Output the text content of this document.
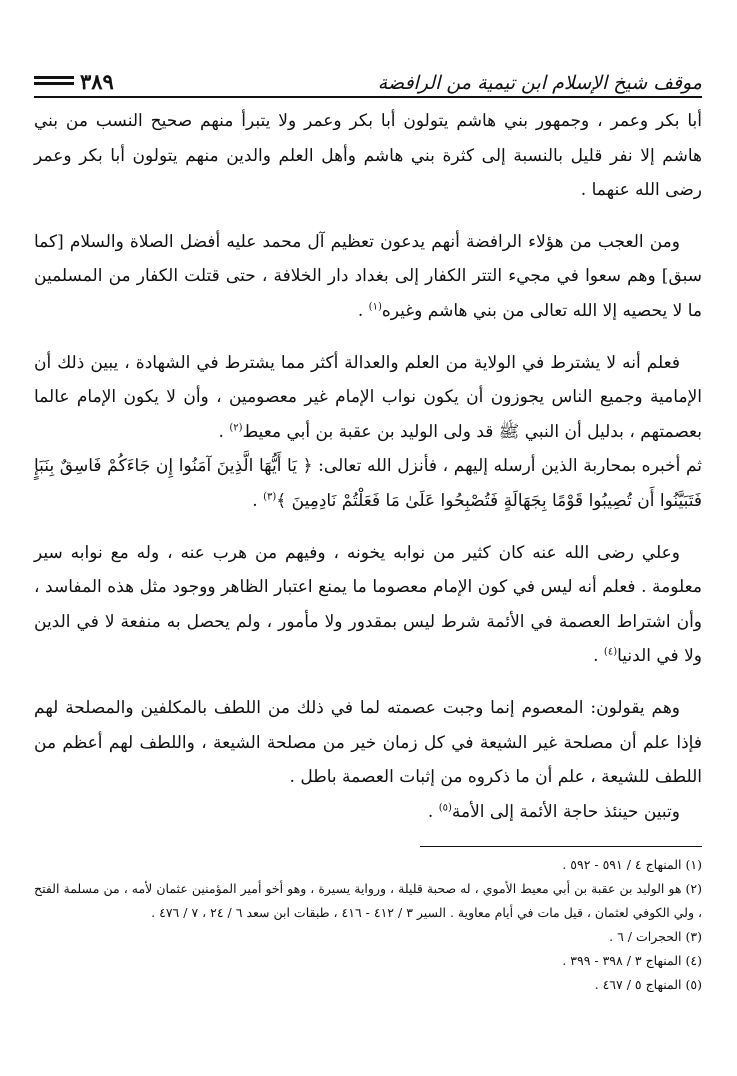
موقف شيخ الإسلام ابن تيمية من الرافضة
٣٨٩

أبا بكر وعمر ، وجمهور بني هاشم يتولون أبا بكر وعمر ولا يتبرأ منهم صحيح النسب من بني هاشم إلا نفر قليل بالنسبة إلى كثرة بني هاشم وأهل العلم والدين منهم يتولون أبا بكر وعمر رضى الله عنهما .

ومن العجب من هؤلاء الرافضة أنهم يدعون تعظيم آل محمد عليه أفضل الصلاة والسلام [كما سبق] وهم سعوا في مجيء التتر الكفار إلى بغداد دار الخلافة ، حتى قتلت الكفار من المسلمين ما لا يحصيه إلا الله تعالى من بني هاشم وغيره$^{(١)}$ .

فعلم أنه لا يشترط في الولاية من العلم والعدالة أكثر مما يشترط في الشهادة ، يبين ذلك أن الإمامية وجميع الناس يجوزون أن يكون نواب الإمام غير معصومين ، وأن لا يكون الإمام عالما بعصمتهم ، بدليل أن النبي ﷺ قد ولى الوليد بن عقبة بن أبي معيط$^{(٢)}$ .

ثم أخبره بمحاربة الذين أرسله إليهم ، فأنزل الله تعالى: ﴿ يَا أَيُّهَا الَّذِينَ آمَنُوا إِن جَاءَكُمْ فَاسِقٌ بِنَبَإٍ فَتَبَيَّنُوا أَن تُصِيبُوا قَوْمًا بِجَهَالَةٍ فَتُصْبِحُوا عَلَىٰ مَا فَعَلْتُمْ نَادِمِينَ ﴾$^{(٣)}$ .

وعلي رضى الله عنه كان كثير من نوابه يخونه ، وفيهم من هرب عنه ، وله مع نوابه سير معلومة . فعلم أنه ليس في كون الإمام معصوما ما يمنع اعتبار الظاهر ووجود مثل هذه المفاسد ، وأن اشتراط العصمة في الأئمة شرط ليس بمقدور ولا مأمور ، ولم يحصل به منفعة لا في الدين ولا في الدنيا$^{(٤)}$ .

وهم يقولون: المعصوم إنما وجبت عصمته لما في ذلك من اللطف بالمكلفين والمصلحة لهم فإذا علم أن مصلحة غير الشيعة في كل زمان خير من مصلحة الشيعة ، واللطف لهم أعظم من اللطف للشيعة ، علم أن ما ذكروه من إثبات العصمة باطل .

وتبين حينئذ حاجة الأئمة إلى الأمة$^{(٥)}$ .

(١) المنهاج ٤ / ٥٩١ - ٥٩٢ .

(٢) هو الوليد بن عقبة بن أبي معيط الأموي ، له صحبة قليلة ، ورواية يسيرة ، وهو أخو أمير المؤمنين عثمان لأمه ، من مسلمة الفتح ، ولي الكوفي لعثمان ، قيل مات في أيام معاوية . السير ٣ / ٤١٢ - ٤١٦ ، طبقات ابن سعد ٦ / ٢٤ ، ٧ / ٤٧٦ .

(٣) الحجرات / ٦ .

(٤) المنهاج ٣ / ٣٩٨ - ٣٩٩ .

(٥) المنهاج ٥ / ٤٦٧ .
